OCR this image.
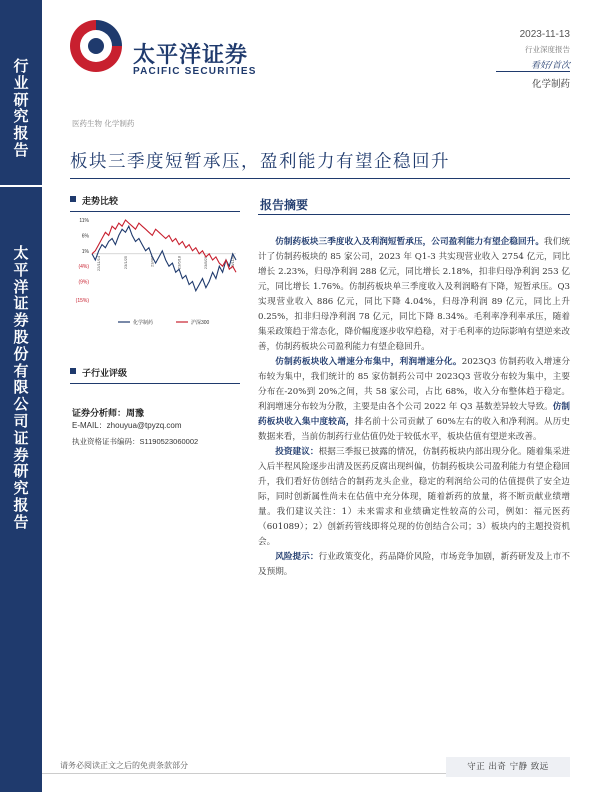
行
业
研
究
报
告
太
平
洋
证
券
股
份
有
限
公
司
证
券
研
究
报
告
太平洋证券
PACIFIC SECURITIES
2023-11-13
行业深度报告
看好/首次
化学制药
医药生物 化学制药
板块三季度短暂承压，盈利能力有望企稳回升
走势比较
11%
6%
1%
(4%)
(9%)
(15%)
22/11/14	23/1/25	23/4/7	23/6/18	23/8/29	23/11/9
化学制药	沪深300
子行业评级
证券分析师：周豫
E-MAIL：zhouyua@tpyzq.com
执业资格证书编码：S1190523060002
报告摘要

仿制药板块三季度收入及利润短暂承压，公司盈利能力有望企稳回升。我们统计了仿制药板块的 85 家公司，2023 年 Q1-3 共实现营业收入 2754 亿元，同比增长 2.23%，归母净利润 288 亿元，同比增长 2.18%，扣非归母净利润 253 亿元，同比增长 1.76%。仿制药板块单三季度收入及利润略有下降，短暂承压。Q3 实现营业收入 886 亿元，同比下降 4.04%，归母净利润 89 亿元，同比上升 0.25%，扣非归母净利润 78 亿元，同比下降 8.34%。毛利率净利率承压，随着集采政策趋于常态化，降价幅度逐步收窄趋稳，对于毛利率的边际影响有望逆来改善，仿制药板块公司盈利能力有望企稳回升。

仿制药板块收入增速分布集中，利润增速分化。2023Q3 仿制药收入增速分布较为集中，我们统计的 85 家仿制药公司中 2023Q3 营收分布较为集中，主要分布在-20%到 20%之间，共 58 家公司，占比 68%，收入分布整体趋于稳定。利润增速分布较为分散，主要是由各个公司 2022 年 Q3 基数差异较大导致。仿制药板块收入集中度较高，排名前十公司贡献了 60%左右的收入和净利润。从历史数据来看，当前仿制药行业估值仍处于较低水平，板块估值有望逆来改善。

投资建议：根据三季报已披露的情况，仿制药板块内部出现分化。随着集采进入后半程风险逐步出清及医药反腐出现纠偏，仿制药板块公司盈利能力有望企稳回升，我们看好仿创结合的制药龙头企业，稳定的利润给公司的估值提供了安全边际，同时创新属性尚未在估值中充分体现，随着新药的放量，将不断贡献业绩增量。我们建议关注：1）未来需求和业绩确定性较高的公司，例如：福元医药（601089）；2）创新药管线即将兑现的仿创结合公司；3）板块内的主题投资机会。

风险提示：行业政策变化，药品降价风险，市场竞争加剧，新药研发及上市不及预期。

请务必阅读正文之后的免责条款部分	守正 出奇 宁静 致远
